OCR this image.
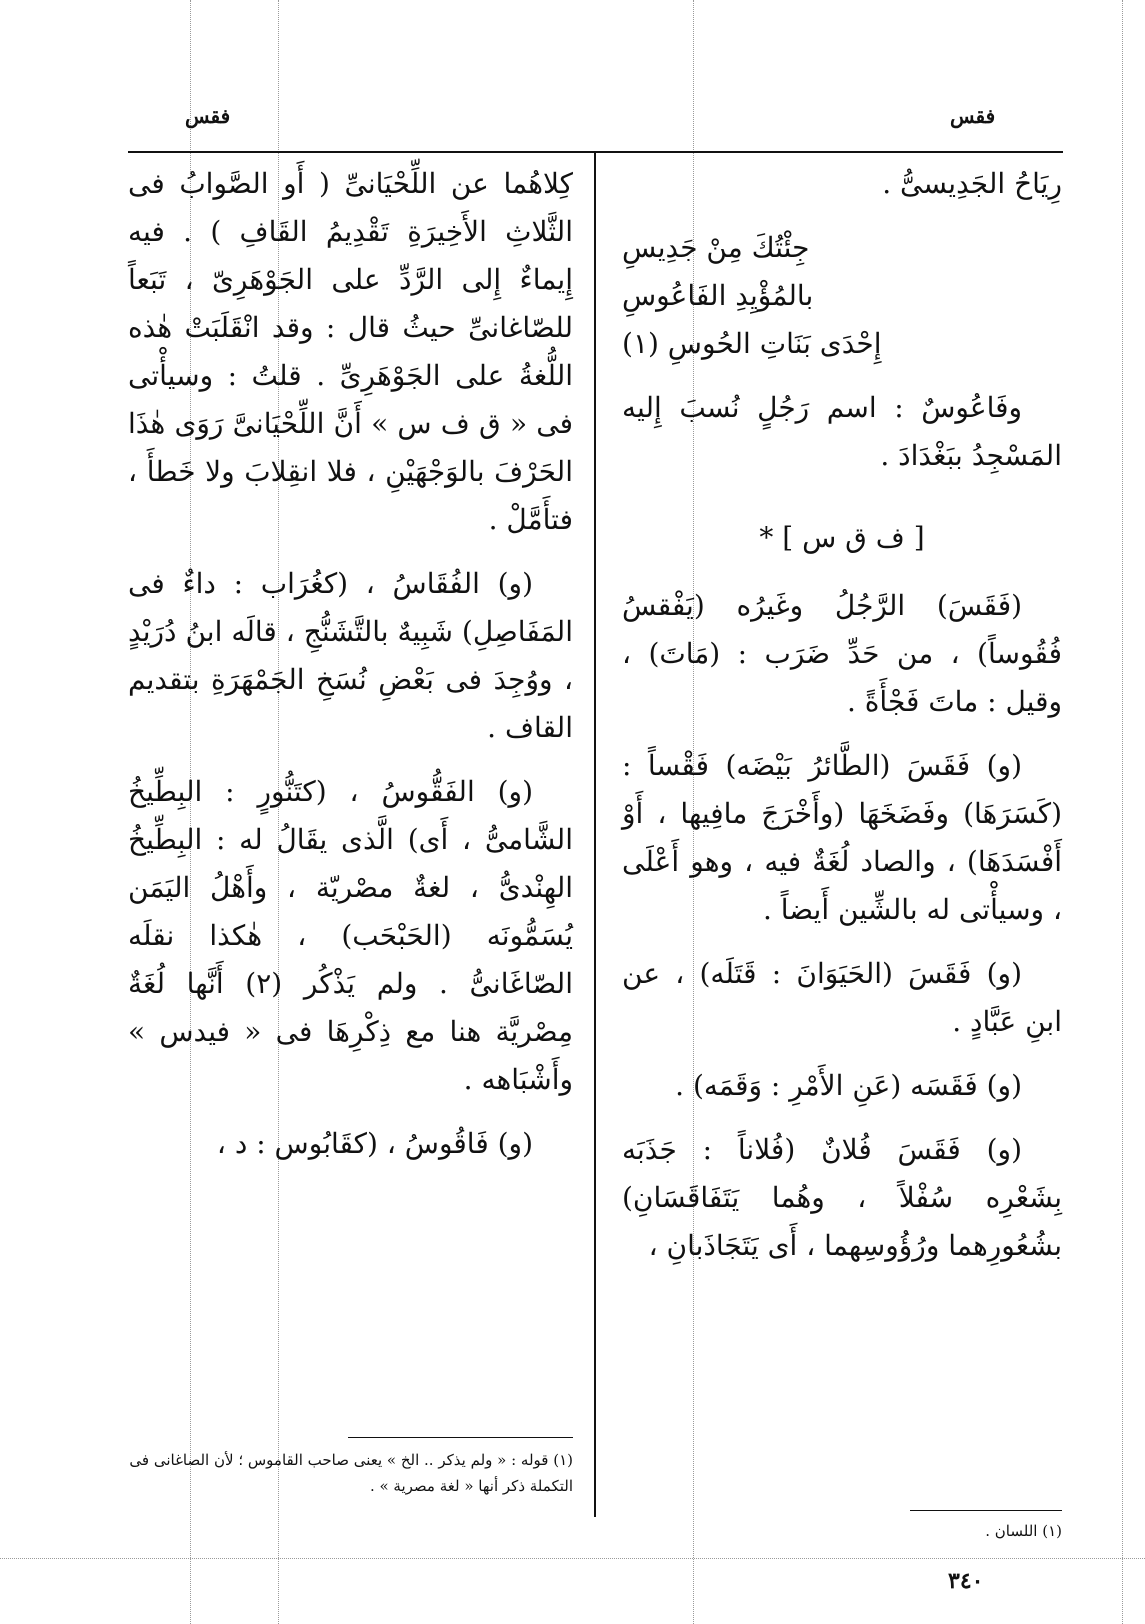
فقس
فقس

رِيَاحُ الجَدِيسىُّ .

جِئْتُكَ مِنْ جَدِيسِ

بالمُؤْيِدِ الفَاعُوسِ

إِحْدَى بَنَاتِ الحُوسِ (١)

وفَاعُوسٌ : اسم رَجُلٍ نُسبَ إِليه المَسْجِدُ ببَغْدَادَ .

[ ف ق س ] *

(فَقَسَ) الرَّجُلُ وغَيرُه (يَفْقسُ فُقُوساً) ، من حَدِّ ضَرَب : (مَاتَ) ، وقيل : ماتَ فَجْأَةً .

(و) فَقَسَ (الطَّائرُ بَيْضَه) فَقْساً : (كَسَرَهَا) وفَضَخَهَا (وأَخْرَجَ مافِيها ، أَوْ أَفْسَدَهَا) ، والصاد لُغَةٌ فيه ، وهو أَعْلَى ، وسيأْتى له بالشِّين أَيضاً .

(و) فَقَسَ (الحَيَوَانَ : قَتَلَه) ، عن ابنِ عَبَّادٍ .

(و) فَقَسَه (عَنِ الأَمْرِ : وَقَمَه) .

(و) فَقَسَ فُلانٌ (فُلاناً : جَذَبَه بِشَعْرِه سُفْلاً ، وهُما يَتَفَاقَسَانِ) بشُعُورِهما ورُؤُوسِهما ، أَى يَتَجَاذَبانِ ،

كِلاهُما عن اللِّحْيَانىِّ ( أَو الصَّوابُ فى الثَّلاثِ الأَخِيرَةِ تَقْدِيمُ القَافِ ) . فيه إِيماءٌ إِلى الرَّدِّ على الجَوْهَرِىّ ، تَبَعاً للصّاغانىِّ حيثُ قال : وقد انْقَلَبَتْ هٰذه اللُّغةُ على الجَوْهَرِىِّ . قلتُ : وسيأْتى فى « ق ف س » أَنَّ اللِّحْيَانىَّ رَوَى هٰذَا الحَرْفَ بالوَجْهَيْنِ ، فلا انقِلابَ ولا خَطأَ ، فتأَمَّلْ .

(و) الفُقَاسُ ، (كغُرَاب : داءٌ فى المَفَاصِلِ) شَبِيهٌ بالتَّشَنُّجِ ، قالَه ابنُ دُرَيْدٍ ، ووُجِدَ فى بَعْضِ نُسَخِ الجَمْهَرَةِ بتقديم القاف .

(و) الفَقُّوسُ ، (كتَنُّورٍ : البِطِّيخُ الشَّامىُّ ، أَى) الَّذى يقَالُ له : البِطِّيخُ الهِنْدىُّ ، لغةٌ مصْريّة ، وأَهْلُ اليَمَن يُسَمُّونَه (الحَبْحَب) ، هٰكذا نقلَه الصّاغَانىُّ . ولم يَذْكُر (٢) أَنَّها لُغَةٌ مِصْريَّة هنا مع ذِكْرِهَا فى « فيدس » وأَشْبَاهه .

(و) فَاقُوسُ ، (كقَابُوس : د ،

(١) اللسان .
(١) قوله : « ولم يذكر .. الخ » يعنى صاحب القاموس ؛ لأن الصاغانى فى التكملة ذكر أنها « لغة مصرية » .
٣٤٠
